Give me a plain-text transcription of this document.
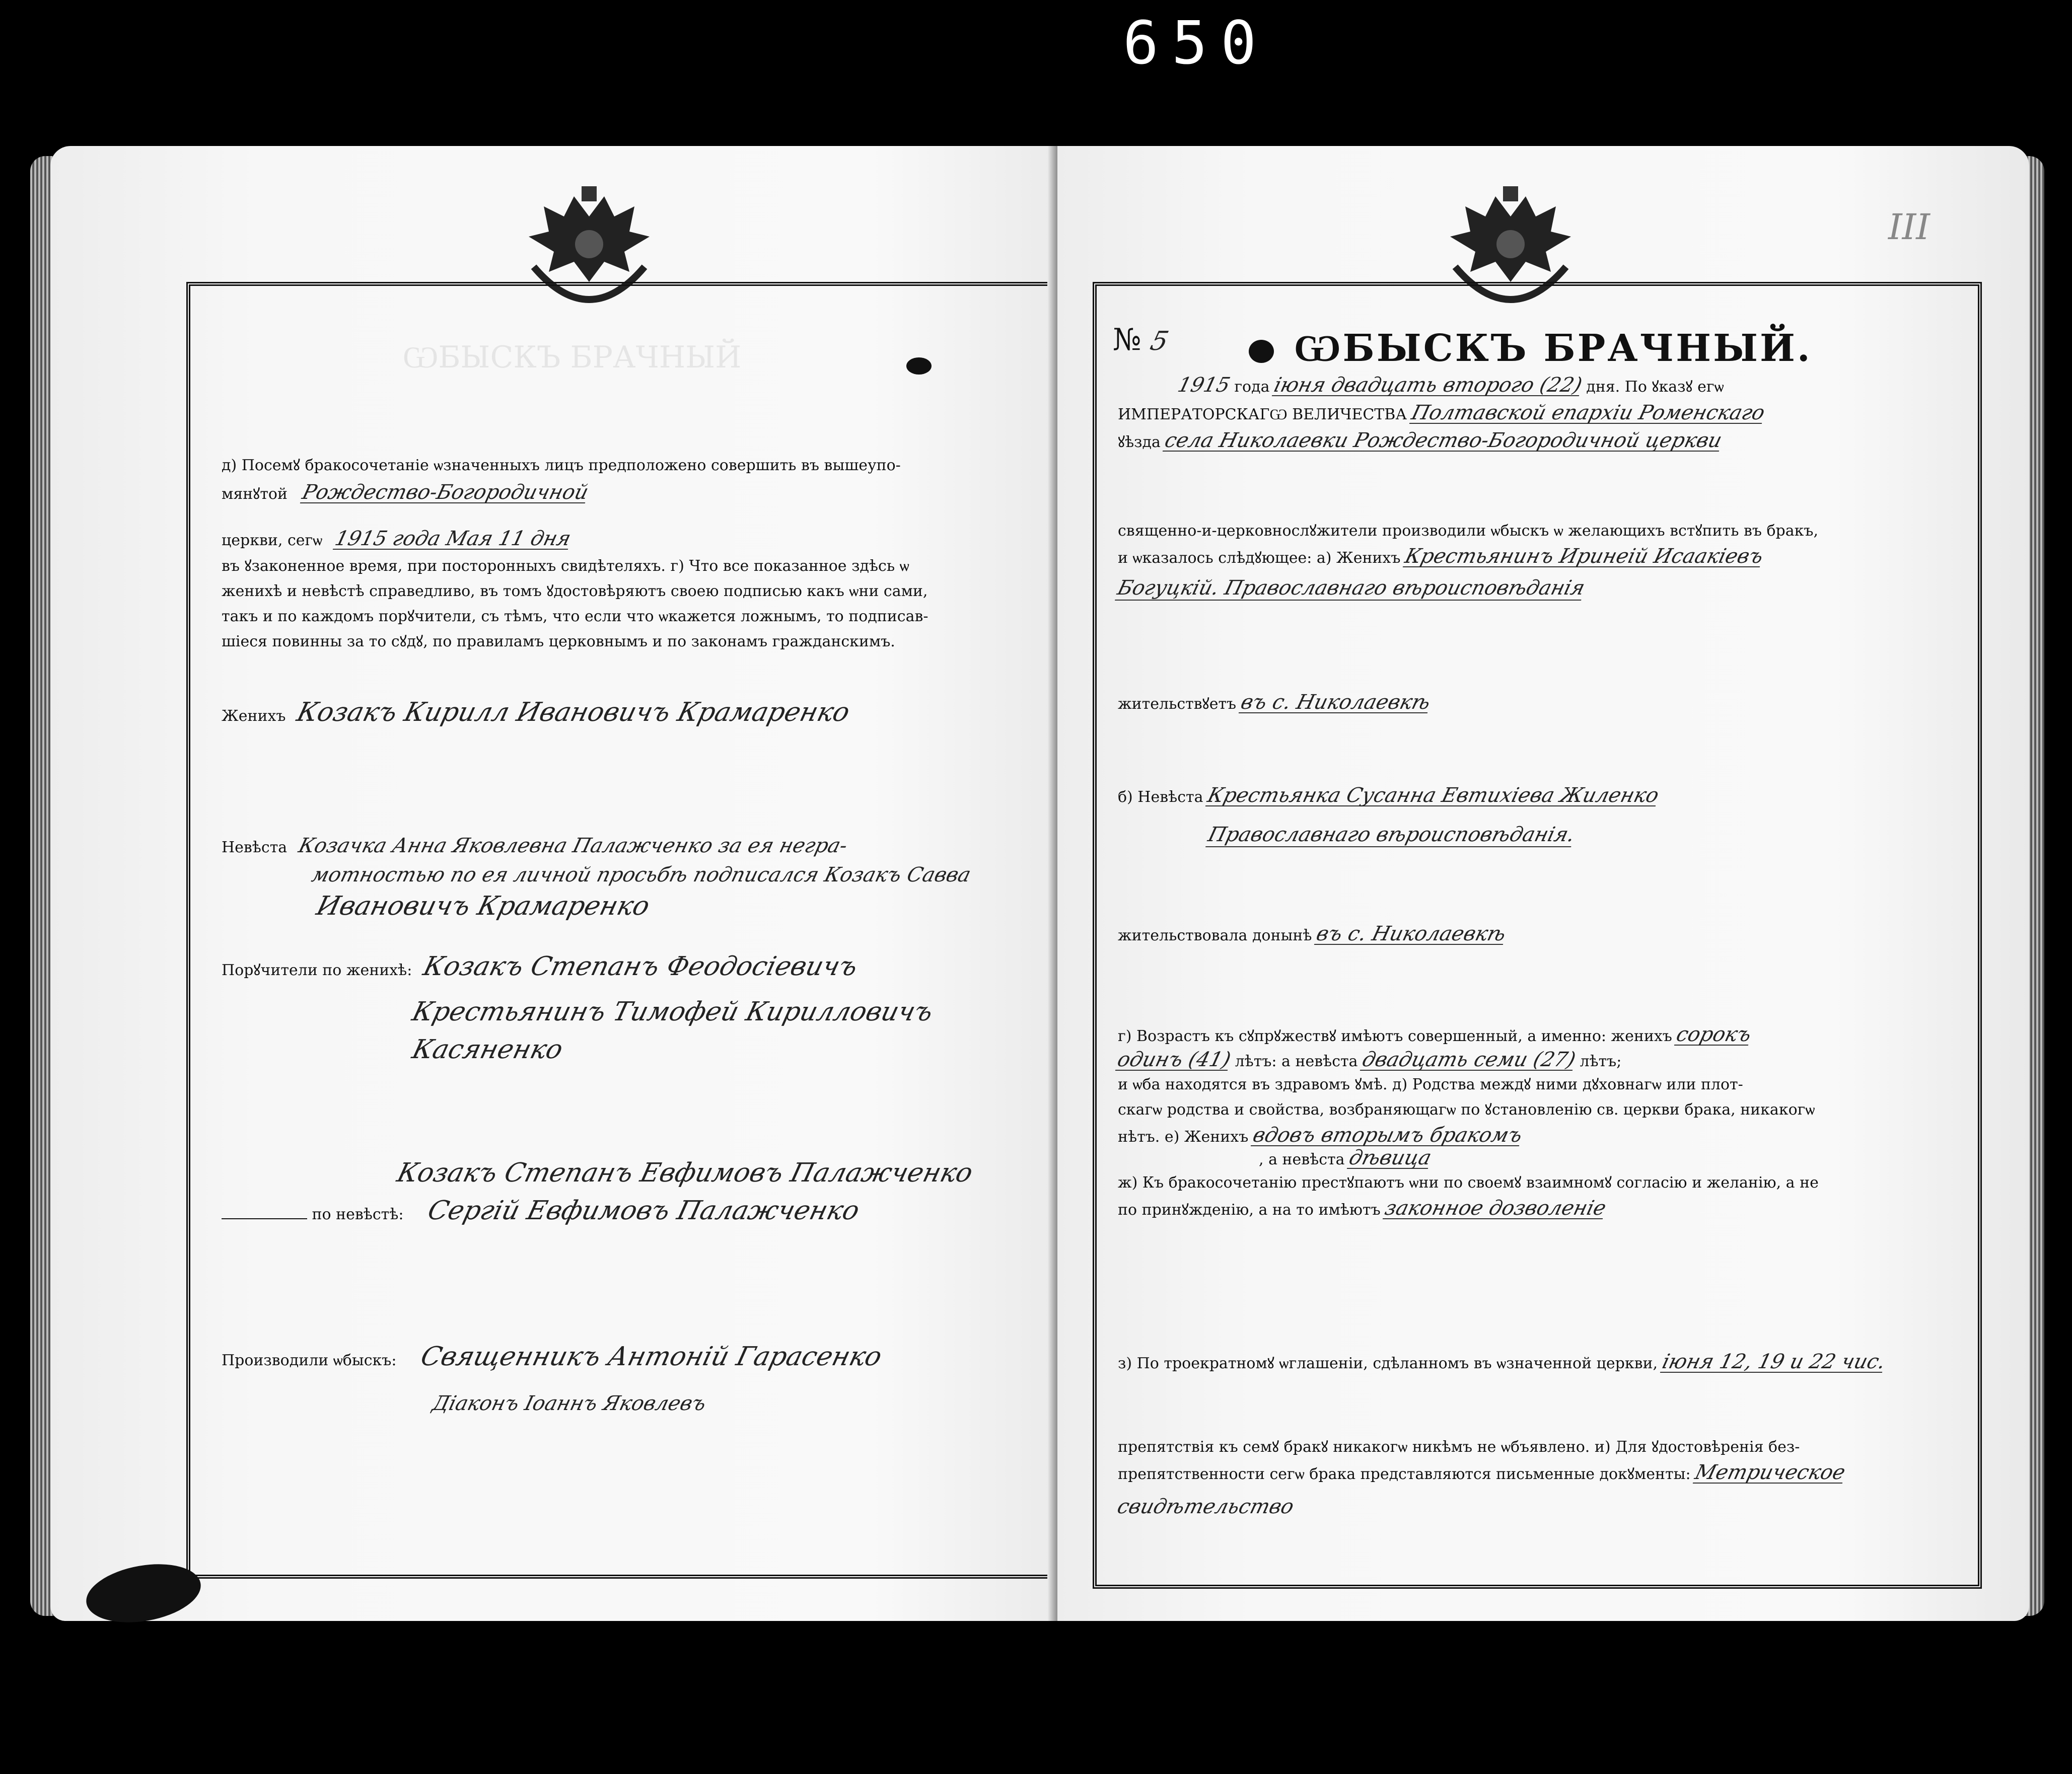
650
ѠБЫСКЪ БРАЧНЫЙ
д) Посемꙋ бракосочетаніе ѡзначенныхъ лицъ предположено совершить въ вышеупо-
мянꙋтой Рождество-Богородичной
церкви, сегѡ 1915 года Мая 11 дня
въ ꙋзаконенное время, при посторонныхъ свидѣтеляхъ. г) Что все показанное здѣсь ѡ
женихѣ и невѣстѣ справедливо, въ томъ ꙋдостовѣряютъ своею подписью какъ ѡни сами,
такъ и по каждомъ порꙋчители, съ тѣмъ, что если что ѡкажется ложнымъ, то подписав-
шіеся повинны за то сꙋдꙋ, по правиламъ церковнымъ и по законамъ гражданскимъ.
Женихъ Козакъ Кирилл Ивановичъ Крамаренко
Невѣста Козачка Анна Яковлевна Палажченко за ея негра-
мотностью по ея личной просьбѣ подписался Козакъ Савва
Ивановичъ Крамаренко
Порꙋчители по женихѣ: Козакъ Степанъ Феодосіевичъ
Крестьянинъ Тимофей Кирилловичъ
Касяненко
Козакъ Степанъ Евфимовъ Палажченко
по невѣстѣ: Сергій Евфимовъ Палажченко
Производили ѡбыскъ: Священникъ Антоній Гарасенко
Діаконъ Іоаннъ Яковлевъ
III
№ 5	ѠБЫСКЪ БРАЧНЫЙ.
1915 года іюня двадцать второго (22) дня. По ꙋказꙋ егѡ
ИМПЕРАТОРСКАГѠ ВЕЛИЧЕСТВА Полтавской епархіи Роменскаго
ꙋѣзда села Николаевки Рождество-Богородичной церкви
священно-и-церковнослꙋжители производили ѡбыскъ ѡ желающихъ встꙋпить въ бракъ,
и ѡказалось слѣдꙋющее: а) Женихъ Крестьянинъ Иринеій Исаакіевъ
Богуцкій. Православнаго вѣроисповѣданія
жительствꙋетъ въ с. Николаевкѣ
б) Невѣста Крестьянка Сусанна Евтихіева Жиленко
Православнаго вѣроисповѣданія.
жительствовала донынѣ въ с. Николаевкѣ
г) Возрастъ къ сꙋпрꙋжествꙋ имѣютъ совершенный, а именно: женихъ сорокъ
одинъ (41) лѣтъ: а невѣста двадцать семи (27) лѣтъ;
и ѡба находятся въ здравомъ ꙋмѣ. д) Родства междꙋ ними дꙋховнагѡ или плот-
скагѡ родства и свойства, возбраняющагѡ по ꙋстановленію св. церкви брака, никакогѡ
нѣтъ. е) Женихъ вдовъ вторымъ бракомъ
, а невѣста дѣвица
ж) Къ бракосочетанію престꙋпаютъ ѡни по своемꙋ взаимномꙋ согласію и желанію, а не
по принꙋжденію, а на то имѣютъ законное дозволеніе
з) По троекратномꙋ ѡглашеніи, сдѣланномъ въ ѡзначенной церкви, іюня 12, 19 и 22 чис.
препятствія къ семꙋ бракꙋ никакогѡ никѣмъ не ѡбъявлено. и) Для ꙋдостовѣренія без-
препятственности сегѡ брака представляются письменные докꙋменты: Метрическое
свидѣтельство
